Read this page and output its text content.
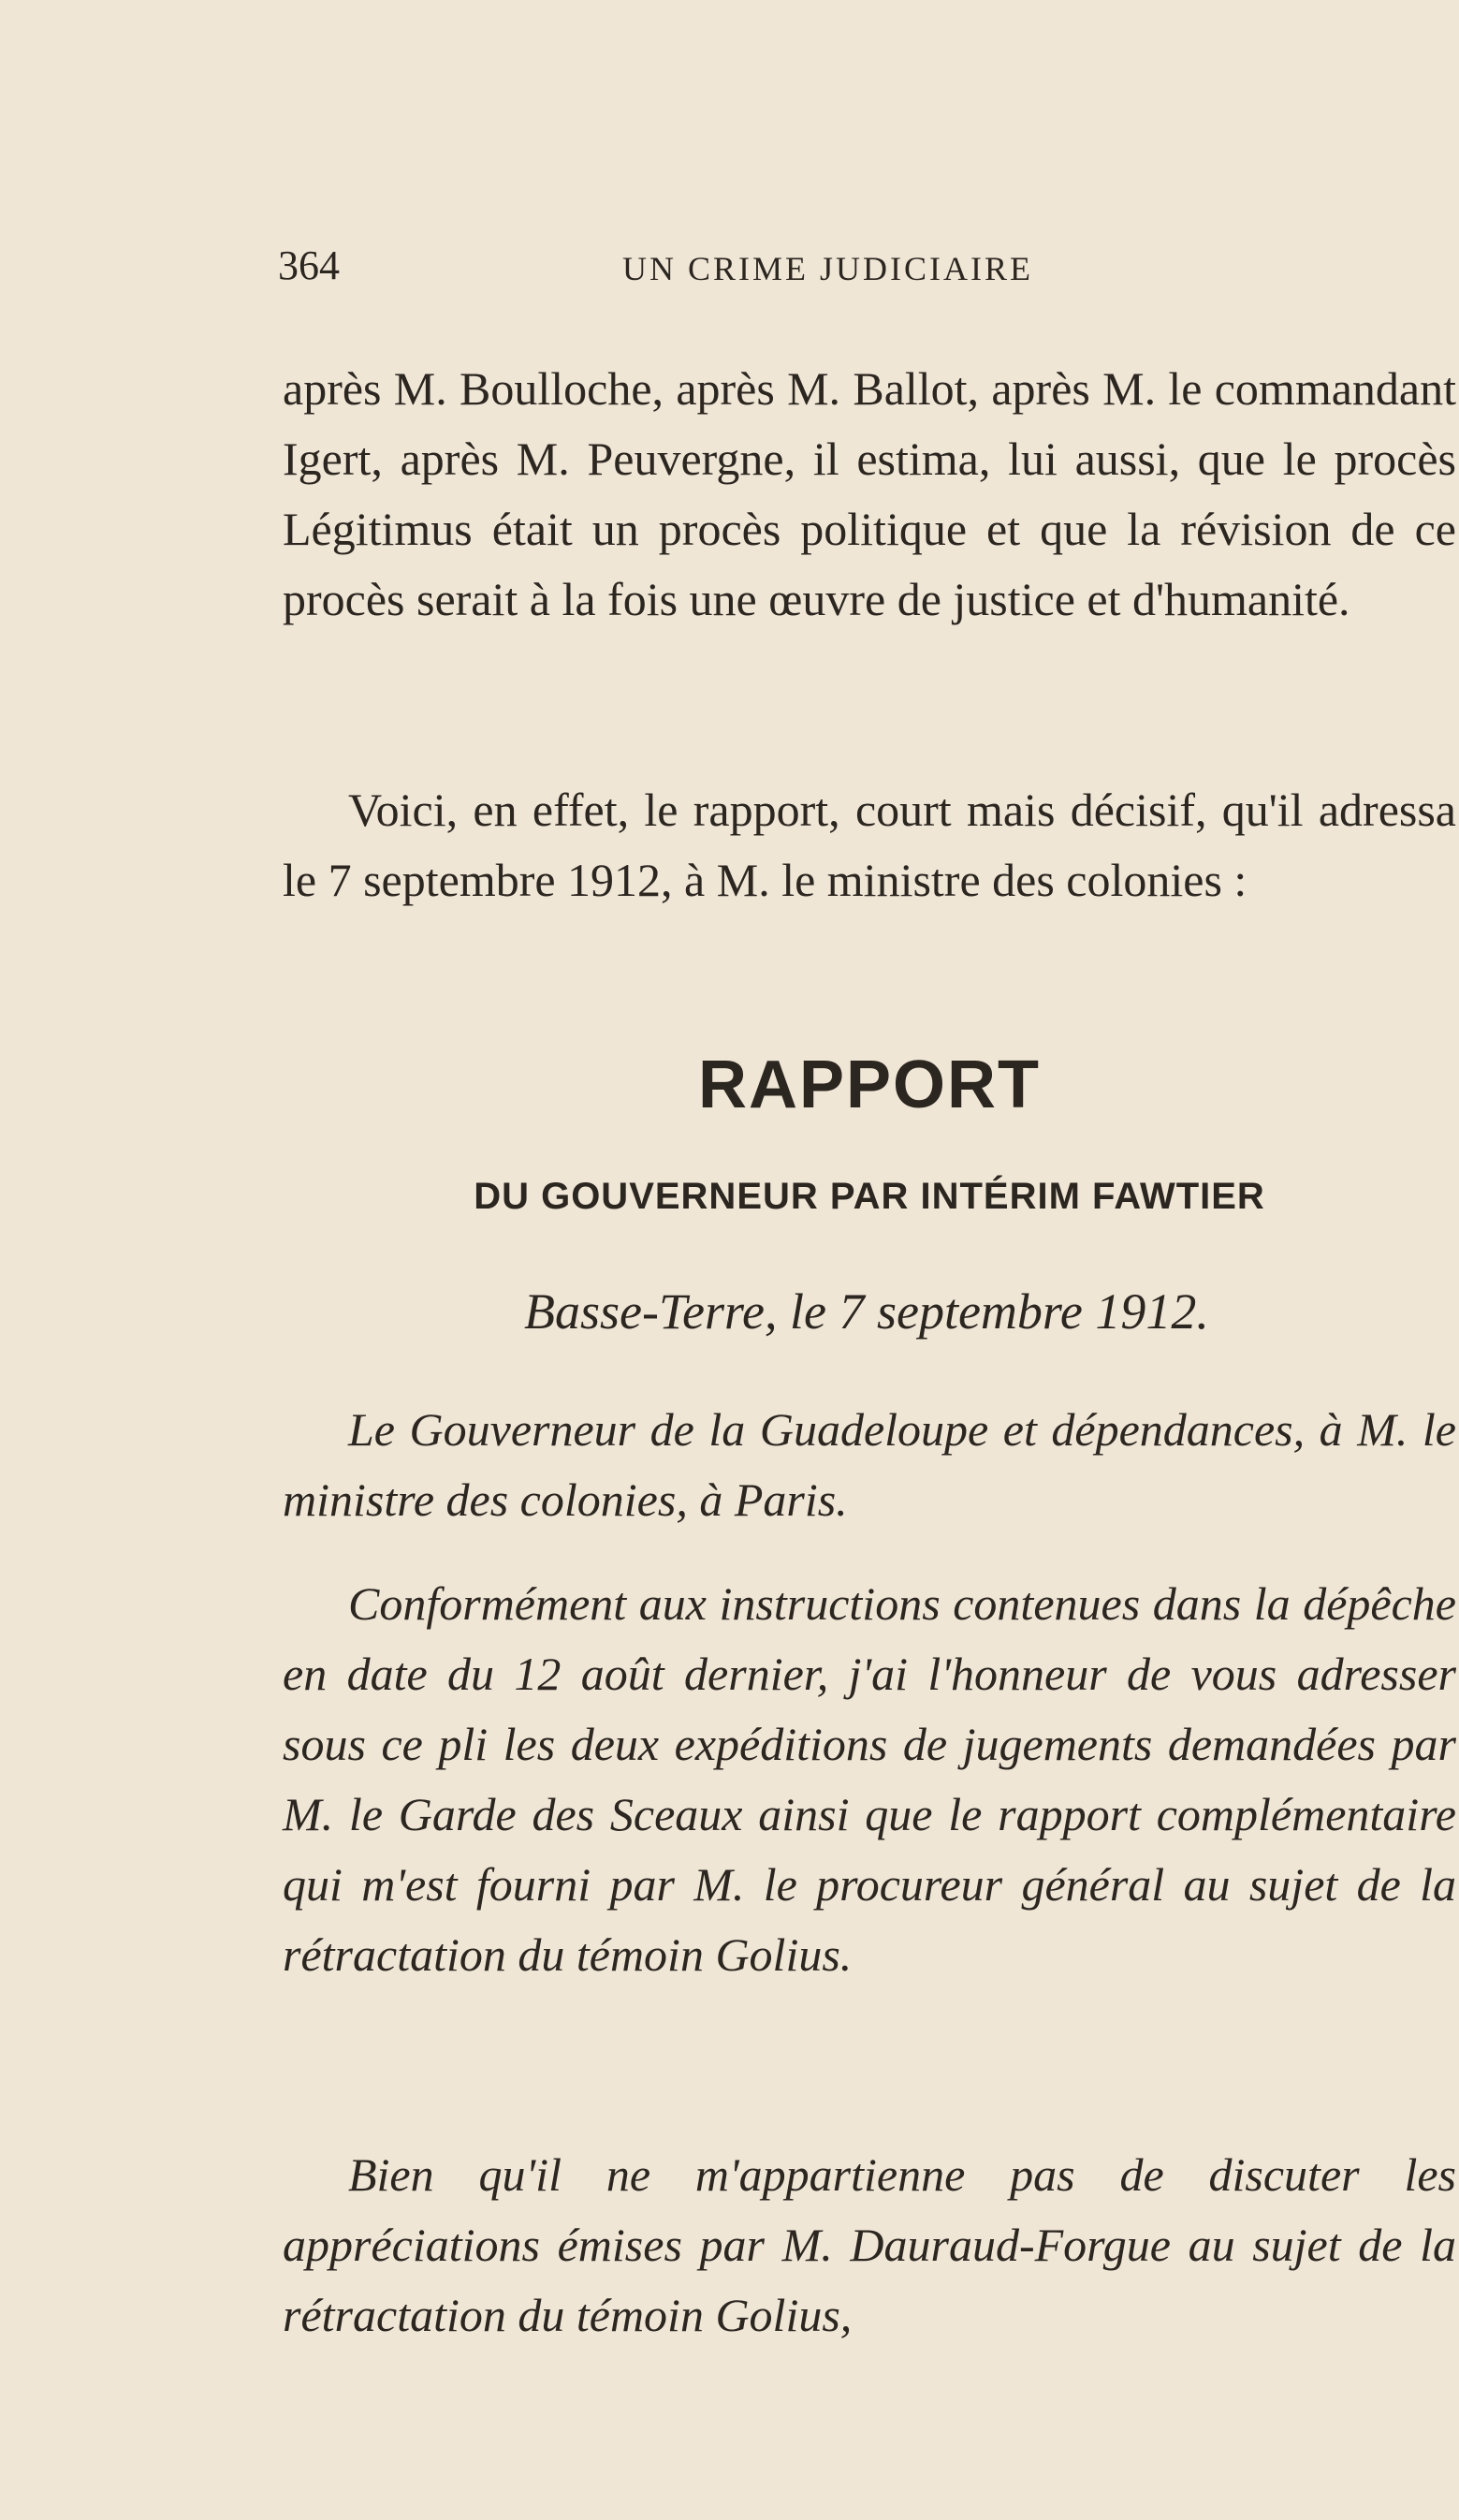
364	UN CRIME JUDICIAIRE

après M. Boulloche, après M. Ballot, après M. le commandant Igert, après M. Peuvergne, il estima, lui aussi, que le procès Légitimus était un procès politique et que la révision de ce procès serait à la fois une œuvre de justice et d'humanité.

Voici, en effet, le rapport, court mais décisif, qu'il adressa le 7 septembre 1912, à M. le ministre des colonies :

RAPPORT
DU GOUVERNEUR PAR INTÉRIM FAWTIER
Basse-Terre, le 7 septembre 1912.

Le Gouverneur de la Guadeloupe et dépendances, à M. le ministre des colonies, à Paris.

Conformément aux instructions contenues dans la dépêche en date du 12 août dernier, j'ai l'honneur de vous adresser sous ce pli les deux expéditions de jugements demandées par M. le Garde des Sceaux ainsi que le rapport complémentaire qui m'est fourni par M. le procureur général au sujet de la rétractation du témoin Golius.

Bien qu'il ne m'appartienne pas de discuter les appréciations émises par M. Dauraud-Forgue au sujet de la rétractation du témoin Golius,
